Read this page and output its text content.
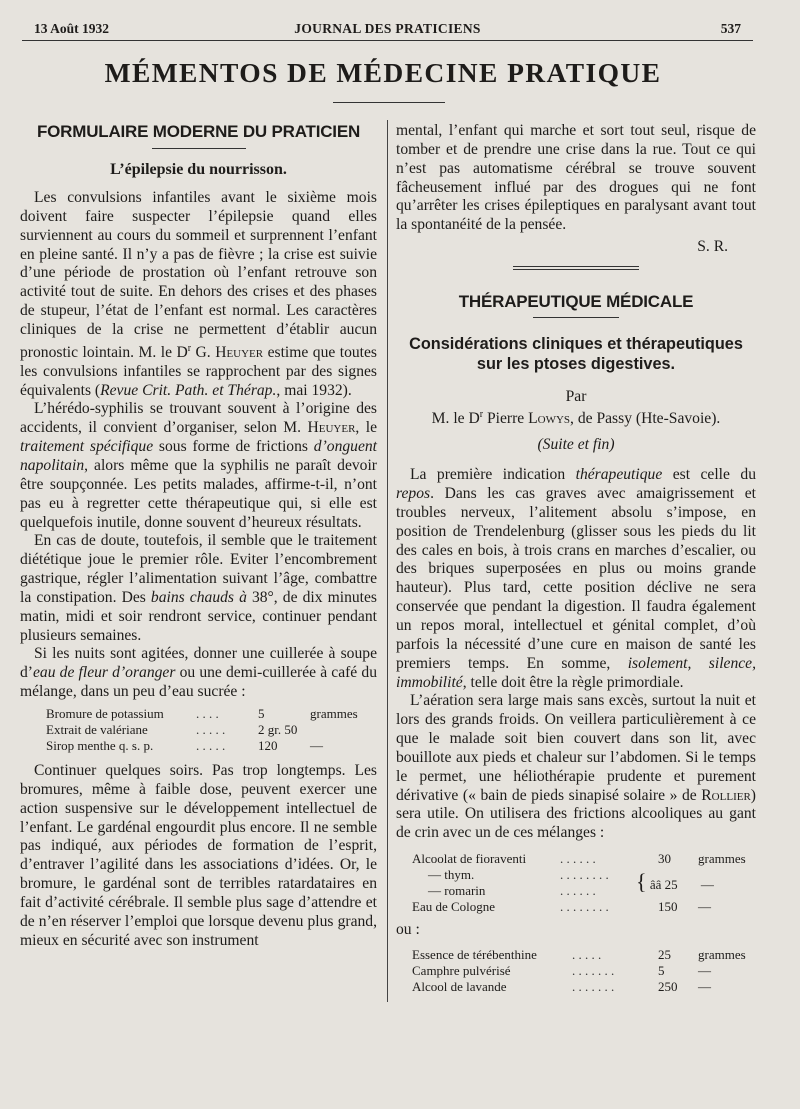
13 Août 1932	JOURNAL DES PRATICIENS	537
MÉMENTOS DE MÉDECINE PRATIQUE
FORMULAIRE MODERNE DU PRATICIEN
L’épilepsie du nourrisson.

Les convulsions infantiles avant le sixième mois doivent faire suspecter l’épilepsie quand elles surviennent au cours du sommeil et surprennent l’enfant en pleine santé. Il n’y a pas de fièvre ; la crise est suivie d’une période de prostation où l’enfant retrouve son activité tout de suite. En dehors des crises et des phases de stupeur, l’état de l’enfant est normal. Les caractères cliniques de la crise ne permettent d’établir aucun pronostic lointain. M. le $D^r$ G. Heuyer estime que toutes les convulsions infantiles se rapprochent par des signes équivalents (Revue Crit. Path. et Thérap., mai 1932).

L’hérédo-syphilis se trouvant souvent à l’origine des accidents, il convient d’organiser, selon M. Heuyer, le traitement spécifique sous forme de frictions d’onguent napolitain, alors même que la syphilis ne paraît devoir être soupçonnée. Les petits malades, affirme-t-il, n’ont pas eu à regretter cette thérapeutique qui, si elle est quelquefois inutile, donne souvent d’heureux résultats.

En cas de doute, toutefois, il semble que le traitement diététique joue le premier rôle. Eviter l’encombrement gastrique, régler l’alimentation suivant l’âge, combattre la constipation. Des bains chauds à 38°, de dix minutes matin, midi et soir rendront service, continuer pendant plusieurs semaines.

Si les nuits sont agitées, donner une cuillerée à soupe d’eau de fleur d’oranger ou une demi-cuillerée à café du mélange, dans un peu d’eau sucrée :

Bromure de potassium	. . . .	5	grammes
Extrait de valériane	. . . . .	2 gr. 50	
Sirop menthe q. s. p.	. . . . .	120	—

Continuer quelques soirs. Pas trop longtemps. Les bromures, même à faible dose, peuvent exercer une action suspensive sur le développement intellectuel de l’enfant. Le gardénal engourdit plus encore. Il ne semble pas indiqué, aux périodes de formation de l’esprit, d’entraver l’agilité dans les associations d’idées. Or, le bromure, le gardénal sont de terribles ratardataires en fait d’activité cérébrale. Il semble plus sage d’attendre et de n’en réserver l’emploi que lorsque devenu plus grand, mieux en sécurité avec son instrument

mental, l’enfant qui marche et sort tout seul, risque de tomber et de prendre une crise dans la rue. Tout ce qui n’est pas automatisme cérébral se trouve souvent fâcheusement influé par des drogues qui ne font qu’arrêter les crises épileptiques en paralysant avant tout la spontanéité de la pensée.

S. R.
THÉRAPEUTIQUE MÉDICALE
Considérations cliniques et thérapeutiques sur les ptoses digestives.
Par
M. le $D^r$ Pierre Lowys, de Passy (Hte-Savoie).
(Suite et fin)

La première indication thérapeutique est celle du repos. Dans les cas graves avec amaigrissement et troubles nerveux, l’alitement absolu s’impose, en position de Trendelenburg (glisser sous les pieds du lit des cales en bois, à trois crans en marches d’escalier, ou des briques superposées en plus ou moins grande hauteur). Plus tard, cette position déclive ne sera conservée que pendant la digestion. Il faudra également un repos moral, intellectuel et génital complet, d’où parfois la nécessité d’une cure en maison de santé les premiers temps. En somme, isolement, silence, immobilité, telle doit être la règle primordiale.

L’aération sera large mais sans excès, surtout la nuit et lors des grands froids. On veillera particulièrement à ce que le malade soit bien couvert dans son lit, avec bouillote aux pieds et chaleur sur l’abdomen. Si le temps le permet, une héliothérapie prudente et purement dérivative (« bain de pieds sinapisé solaire » de Rollier) sera utile. On utilisera des frictions alcooliques au gant de crin avec un de ces mélanges :

Alcoolat de fioraventi	. . . . . .	30	grammes
— thym.	. . . . . . . .	{ ââ 25 —	
— romarin	. . . . . .		
Eau de Cologne	. . . . . . . .	150	—
ou :
Essence de térébenthine	. . . . .	25	grammes
Camphre pulvérisé	. . . . . . .	5	—
Alcool de lavande	. . . . . . .	250	—
